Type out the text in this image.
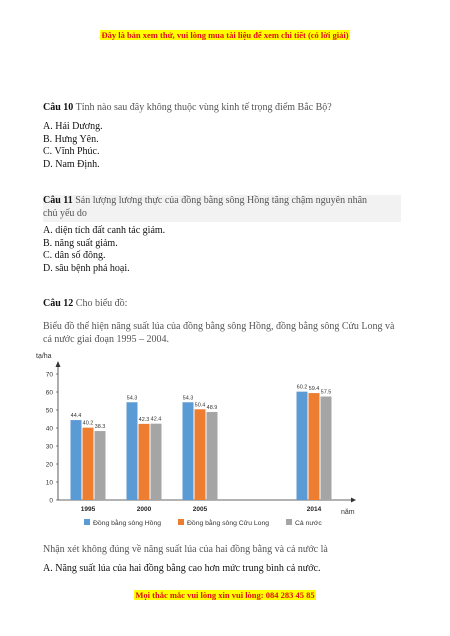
Đây là bản xem thử, vui lòng mua tài liệu để xem chi tiết (có lời giải)
Câu 10 Tỉnh nào sau đây không thuộc vùng kinh tế trọng điểm Bắc Bộ?
A. Hải Dương.
B. Hưng Yên.
C. Vĩnh Phúc.
D. Nam Định.
Câu 11 Sản lượng lương thực của đồng bằng sông Hồng tăng chậm nguyên nhân
chủ yếu do
A. diện tích đất canh tác giảm.
B. năng suất giảm.
C. dân số đông.
D. sâu bệnh phá hoại.
Câu 12 Cho biểu đồ:
Biểu đồ thể hiện năng suất lúa của đồng bằng sông Hồng, đồng bằng sông Cửu Long và cả nước giai đoạn 1995 – 2004.
tạ/ha
năm
0
10
20
30
40
50
60
70
44.4
40.2
38.3
1995
54.3
42.3 42.4
2000
54.3
50.4 48.9
2005
60.2 59.4
57.5
2014
Đồng bằng sông Hồng	Đồng bằng sông Cửu Long	Cả nước
Nhận xét không đúng về năng suất lúa của hai đồng bằng và cả nước là
A. Năng suất lúa của hai đồng bằng cao hơn mức trung bình cả nước.
Mọi thắc mắc vui lòng xin vui lòng: 084 283 45 85
